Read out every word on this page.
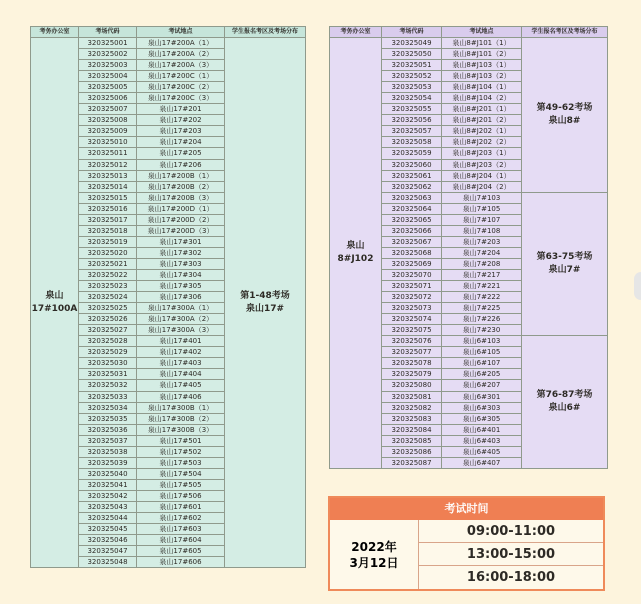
考务办公室	考场代码	考试地点	学生报名考区及考场分布
泉山
17#100A	320325001	泉山17#200A（1）	第1-48考场
泉山17#
	320325002	泉山17#200A（2）	
	320325003	泉山17#200A（3）	
	320325004	泉山17#200C（1）	
	320325005	泉山17#200C（2）	
	320325006	泉山17#200C（3）	
	320325007	泉山17#201	
	320325008	泉山17#202	
	320325009	泉山17#203	
	320325010	泉山17#204	
	320325011	泉山17#205	
	320325012	泉山17#206	
	320325013	泉山17#200B（1）	
	320325014	泉山17#200B（2）	
	320325015	泉山17#200B（3）	
	320325016	泉山17#200D（1）	
	320325017	泉山17#200D（2）	
	320325018	泉山17#200D（3）	
	320325019	泉山17#301	
	320325020	泉山17#302	
	320325021	泉山17#303	
	320325022	泉山17#304	
	320325023	泉山17#305	
	320325024	泉山17#306	
	320325025	泉山17#300A（1）	
	320325026	泉山17#300A（2）	
	320325027	泉山17#300A（3）	
	320325028	泉山17#401	
	320325029	泉山17#402	
	320325030	泉山17#403	
	320325031	泉山17#404	
	320325032	泉山17#405	
	320325033	泉山17#406	
	320325034	泉山17#300B（1）	
	320325035	泉山17#300B（2）	
	320325036	泉山17#300B（3）	
	320325037	泉山17#501	
	320325038	泉山17#502	
	320325039	泉山17#503	
	320325040	泉山17#504	
	320325041	泉山17#505	
	320325042	泉山17#506	
	320325043	泉山17#601	
	320325044	泉山17#602	
	320325045	泉山17#603	
	320325046	泉山17#604	
	320325047	泉山17#605	
	320325048	泉山17#606	
考务办公室	考场代码	考试地点	学生报名考区及考场分布
泉山
8#J102	320325049	泉山8#J101（1）	第49-62考场
泉山8#
	320325050	泉山8#J101（2）	
	320325051	泉山8#J103（1）	
	320325052	泉山8#J103（2）	
	320325053	泉山8#J104（1）	
	320325054	泉山8#J104（2）	
	320325055	泉山8#J201（1）	
	320325056	泉山8#J201（2）	
	320325057	泉山8#J202（1）	
	320325058	泉山8#J202（2）	
	320325059	泉山8#J203（1）	
	320325060	泉山8#J203（2）	
	320325061	泉山8#J204（1）	
	320325062	泉山8#J204（2）	
	320325063	泉山7#103	第63-75考场
泉山7#
	320325064	泉山7#105	
	320325065	泉山7#107	
	320325066	泉山7#108	
	320325067	泉山7#203	
	320325068	泉山7#204	
	320325069	泉山7#208	
	320325070	泉山7#217	
	320325071	泉山7#221	
	320325072	泉山7#222	
	320325073	泉山7#225	
	320325074	泉山7#226	
	320325075	泉山7#230	
	320325076	泉山6#103	第76-87考场
泉山6#
	320325077	泉山6#105	
	320325078	泉山6#107	
	320325079	泉山6#205	
	320325080	泉山6#207	
	320325081	泉山6#301	
	320325082	泉山6#303	
	320325083	泉山6#305	
	320325084	泉山6#401	
	320325085	泉山6#403	
	320325086	泉山6#405	
	320325087	泉山6#407	
考试时间
2022年
3月12日
09:00-11:00
13:00-15:00
16:00-18:00
